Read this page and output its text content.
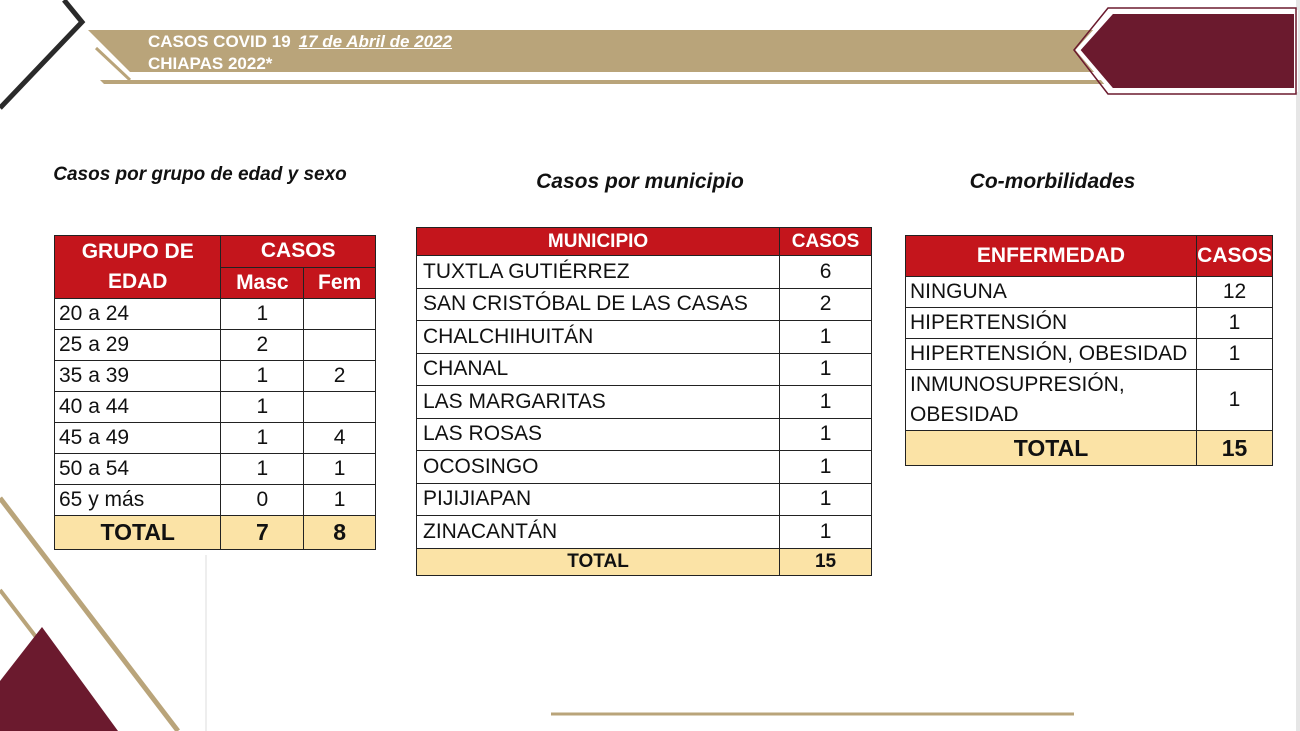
CASOS COVID 19 17 de Abril de 2022
CHIAPAS 2022*
Casos por grupo de edad y sexo	Casos por municipio	Co-morbilidades
GRUPO DE EDAD	CASOS	
	Masc	Fem
20 a 24	1	
25 a 29	2	
35 a 39	1	2
40 a 44	1	
45 a 49	1	4
50 a 54	1	1
65 y más	0	1
TOTAL	7	8
MUNICIPIO	CASOS
TUXTLA GUTIÉRREZ	6
SAN CRISTÓBAL DE LAS CASAS	2
CHALCHIHUITÁN	1
CHANAL	1
LAS MARGARITAS	1
LAS ROSAS	1
OCOSINGO	1
PIJIJIAPAN	1
ZINACANTÁN	1
TOTAL	15
ENFERMEDAD	CASOS
NINGUNA	12
HIPERTENSIÓN	1
HIPERTENSIÓN, OBESIDAD	1
INMUNOSUPRESIÓN, OBESIDAD	1
TOTAL	15
